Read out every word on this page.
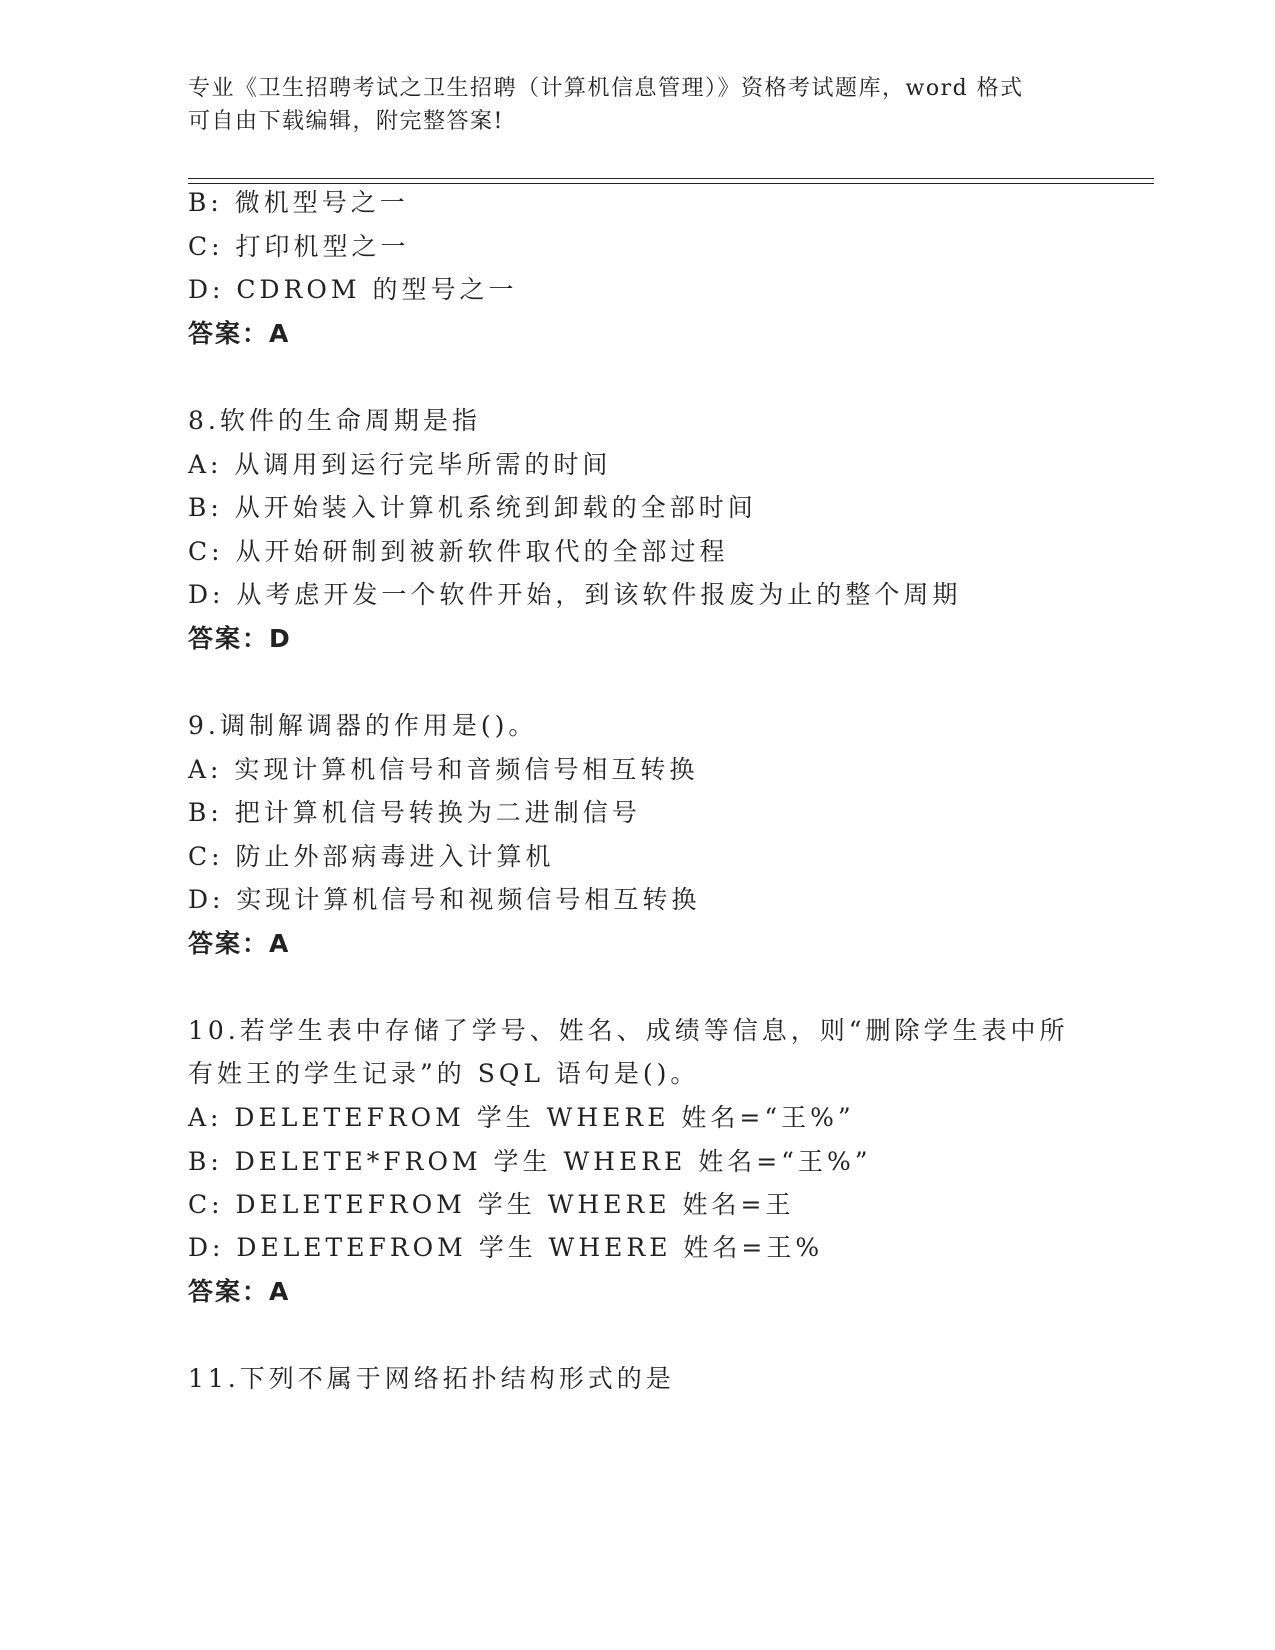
专业《卫生招聘考试之卫生招聘（计算机信息管理）》资格考试题库，word 格式
可自由下载编辑，附完整答案!
B: 微机型号之一
C: 打印机型之一
D: CDROM 的型号之一
答案：A
8.软件的生命周期是指
A: 从调用到运行完毕所需的时间
B: 从开始装入计算机系统到卸载的全部时间
C: 从开始研制到被新软件取代的全部过程
D: 从考虑开发一个软件开始，到该软件报废为止的整个周期
答案：D
9.调制解调器的作用是()。
A: 实现计算机信号和音频信号相互转换
B: 把计算机信号转换为二进制信号
C: 防止外部病毒进入计算机
D: 实现计算机信号和视频信号相互转换
答案：A
10.若学生表中存储了学号、姓名、成绩等信息，则“删除学生表中所
有姓王的学生记录”的 SQL 语句是()。
A: DELETEFROM 学生 WHERE 姓名=“王%”
B: DELETE*FROM 学生 WHERE 姓名=“王%”
C: DELETEFROM 学生 WHERE 姓名=王
D: DELETEFROM 学生 WHERE 姓名=王%
答案：A
11.下列不属于网络拓扑结构形式的是
